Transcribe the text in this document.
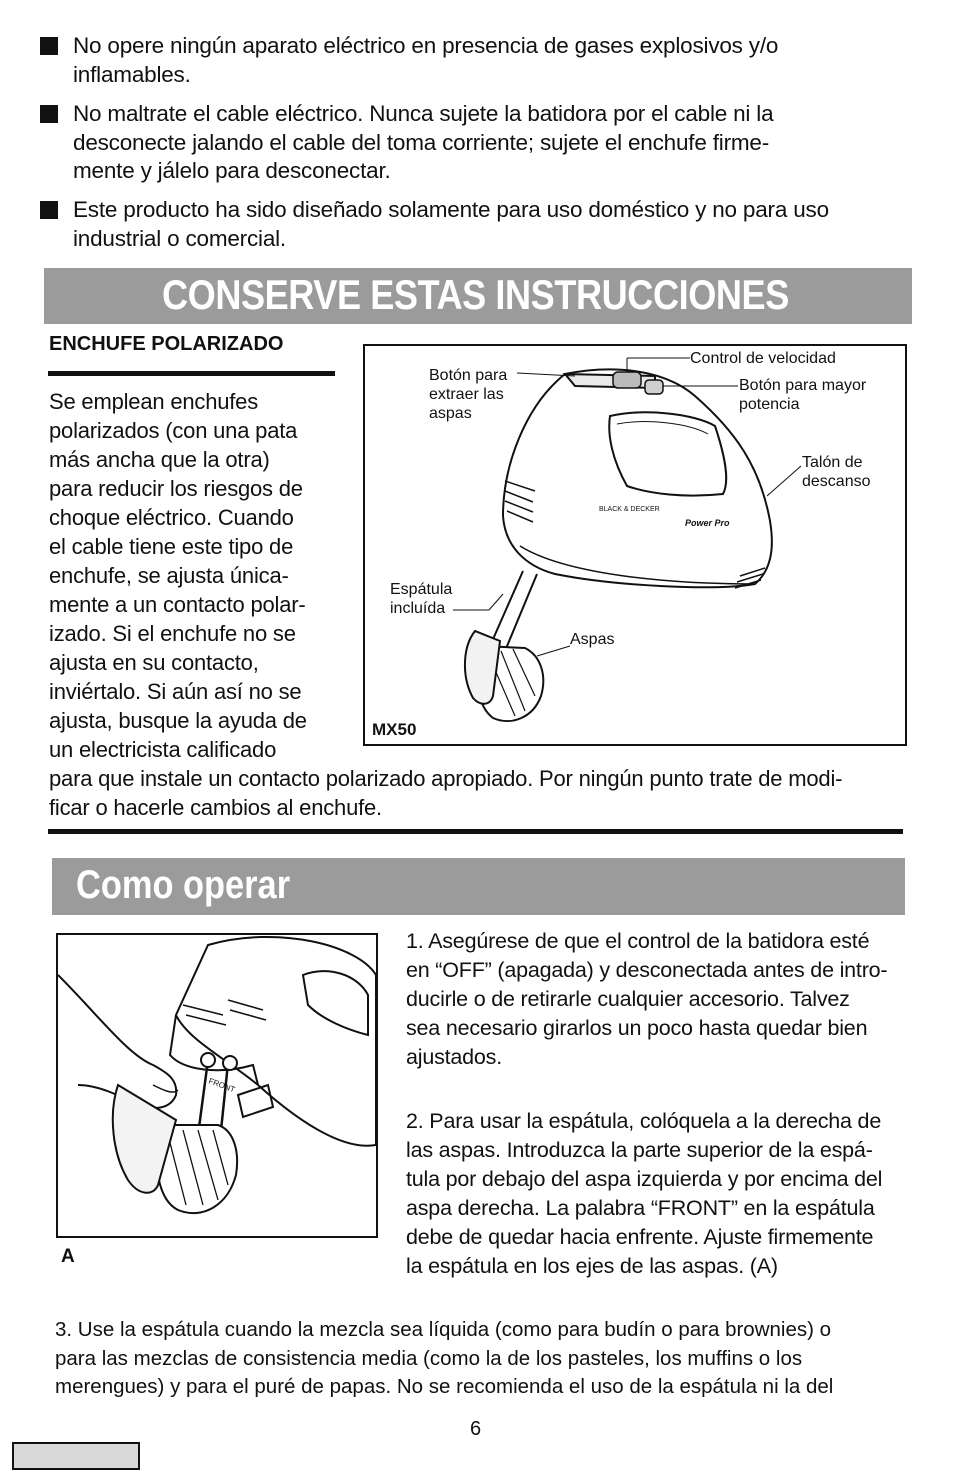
No opere ningún aparato eléctrico en presencia de gases explosivos y/o
inflamables.
No maltrate el cable eléctrico. Nunca sujete la batidora por el cable ni la
desconecte jalando el cable del toma corriente; sujete el enchufe firme-
mente y jálelo para desconectar.
Este producto ha sido diseñado solamente para uso doméstico y no para uso
industrial o comercial.
CONSERVE ESTAS INSTRUCCIONES
ENCHUFE POLARIZADO
Se emplean enchufes
polarizados (con una pata
más ancha que la otra)
para reducir los riesgos de
choque eléctrico. Cuando
el cable tiene este tipo de
enchufe, se ajusta única-
mente a un contacto polar-
izado. Si el enchufe no se
ajusta en su contacto,
inviértalo. Si aún así no se
ajusta, busque la ayuda de
un electricista calificado
para que instale un contacto polarizado apropiado. Por ningún punto trate de modi-
ficar o hacerle cambios al enchufe.
BLACK & DECKER
Power Pro
Botón para
extraer las
aspas
Control de velocidad
Botón para mayor
potencia
Talón de
descanso
Espátula
incluída
Aspas
MX50
Como operar
FRONT
A
1. Asegúrese de que el control de la batidora esté
en “OFF” (apagada) y desconectada antes de intro-
ducirle o de retirarle cualquier accesorio. Talvez
sea necesario girarlos un poco hasta quedar bien
ajustados.
2. Para usar la espátula, colóquela a la derecha de
las aspas. Introduzca la parte superior de la espá-
tula por debajo del aspa izquierda y por encima del
aspa derecha. La palabra “FRONT” en la espátula
debe de quedar hacia enfrente. Ajuste firmemente
la espátula en los ejes de las aspas. (A)
3. Use la espátula cuando la mezcla sea líquida (como para budín o para brownies) o
para las mezclas de consistencia media (como la de los pasteles, los muffins o los
merengues) y para el puré de papas. No se recomienda el uso de la espátula ni la del
6
